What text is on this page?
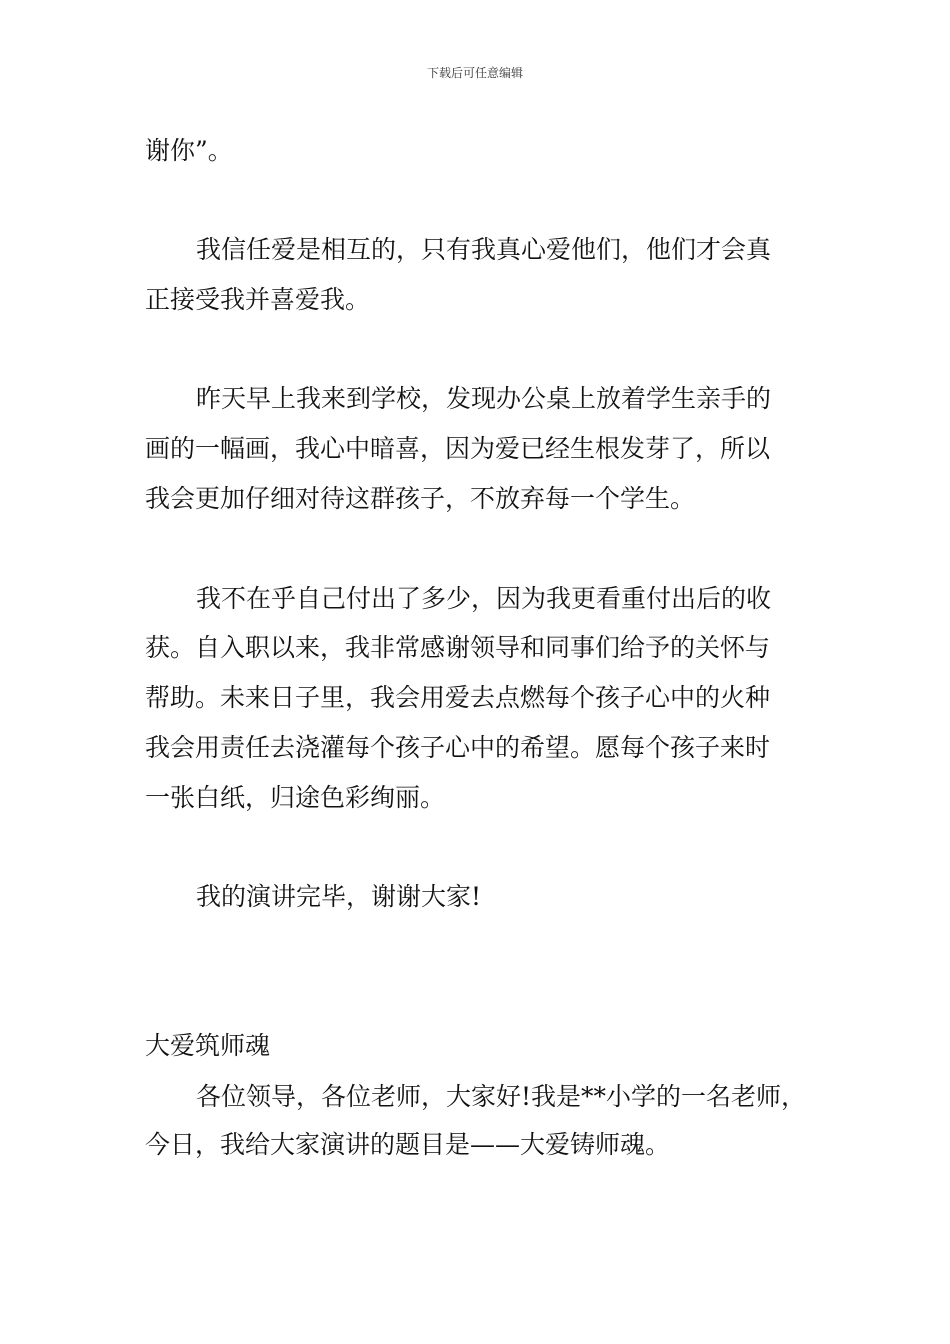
下载后可任意编辑
谢你”。
我信任爱是相互的，只有我真心爱他们，他们才会真
正接受我并喜爱我。
昨天早上我来到学校，发现办公桌上放着学生亲手的
画的一幅画，我心中暗喜，因为爱已经生根发芽了，所以
我会更加仔细对待这群孩子，不放弃每一个学生。
我不在乎自己付出了多少，因为我更看重付出后的收
获。自入职以来，我非常感谢领导和同事们给予的关怀与
帮助。未来日子里，我会用爱去点燃每个孩子心中的火种
我会用责任去浇灌每个孩子心中的希望。愿每个孩子来时
一张白纸，归途色彩绚丽。
我的演讲完毕，谢谢大家!
大爱筑师魂
各位领导，各位老师，大家好!我是**小学的一名老师，
今日，我给大家演讲的题目是——大爱铸师魂。
